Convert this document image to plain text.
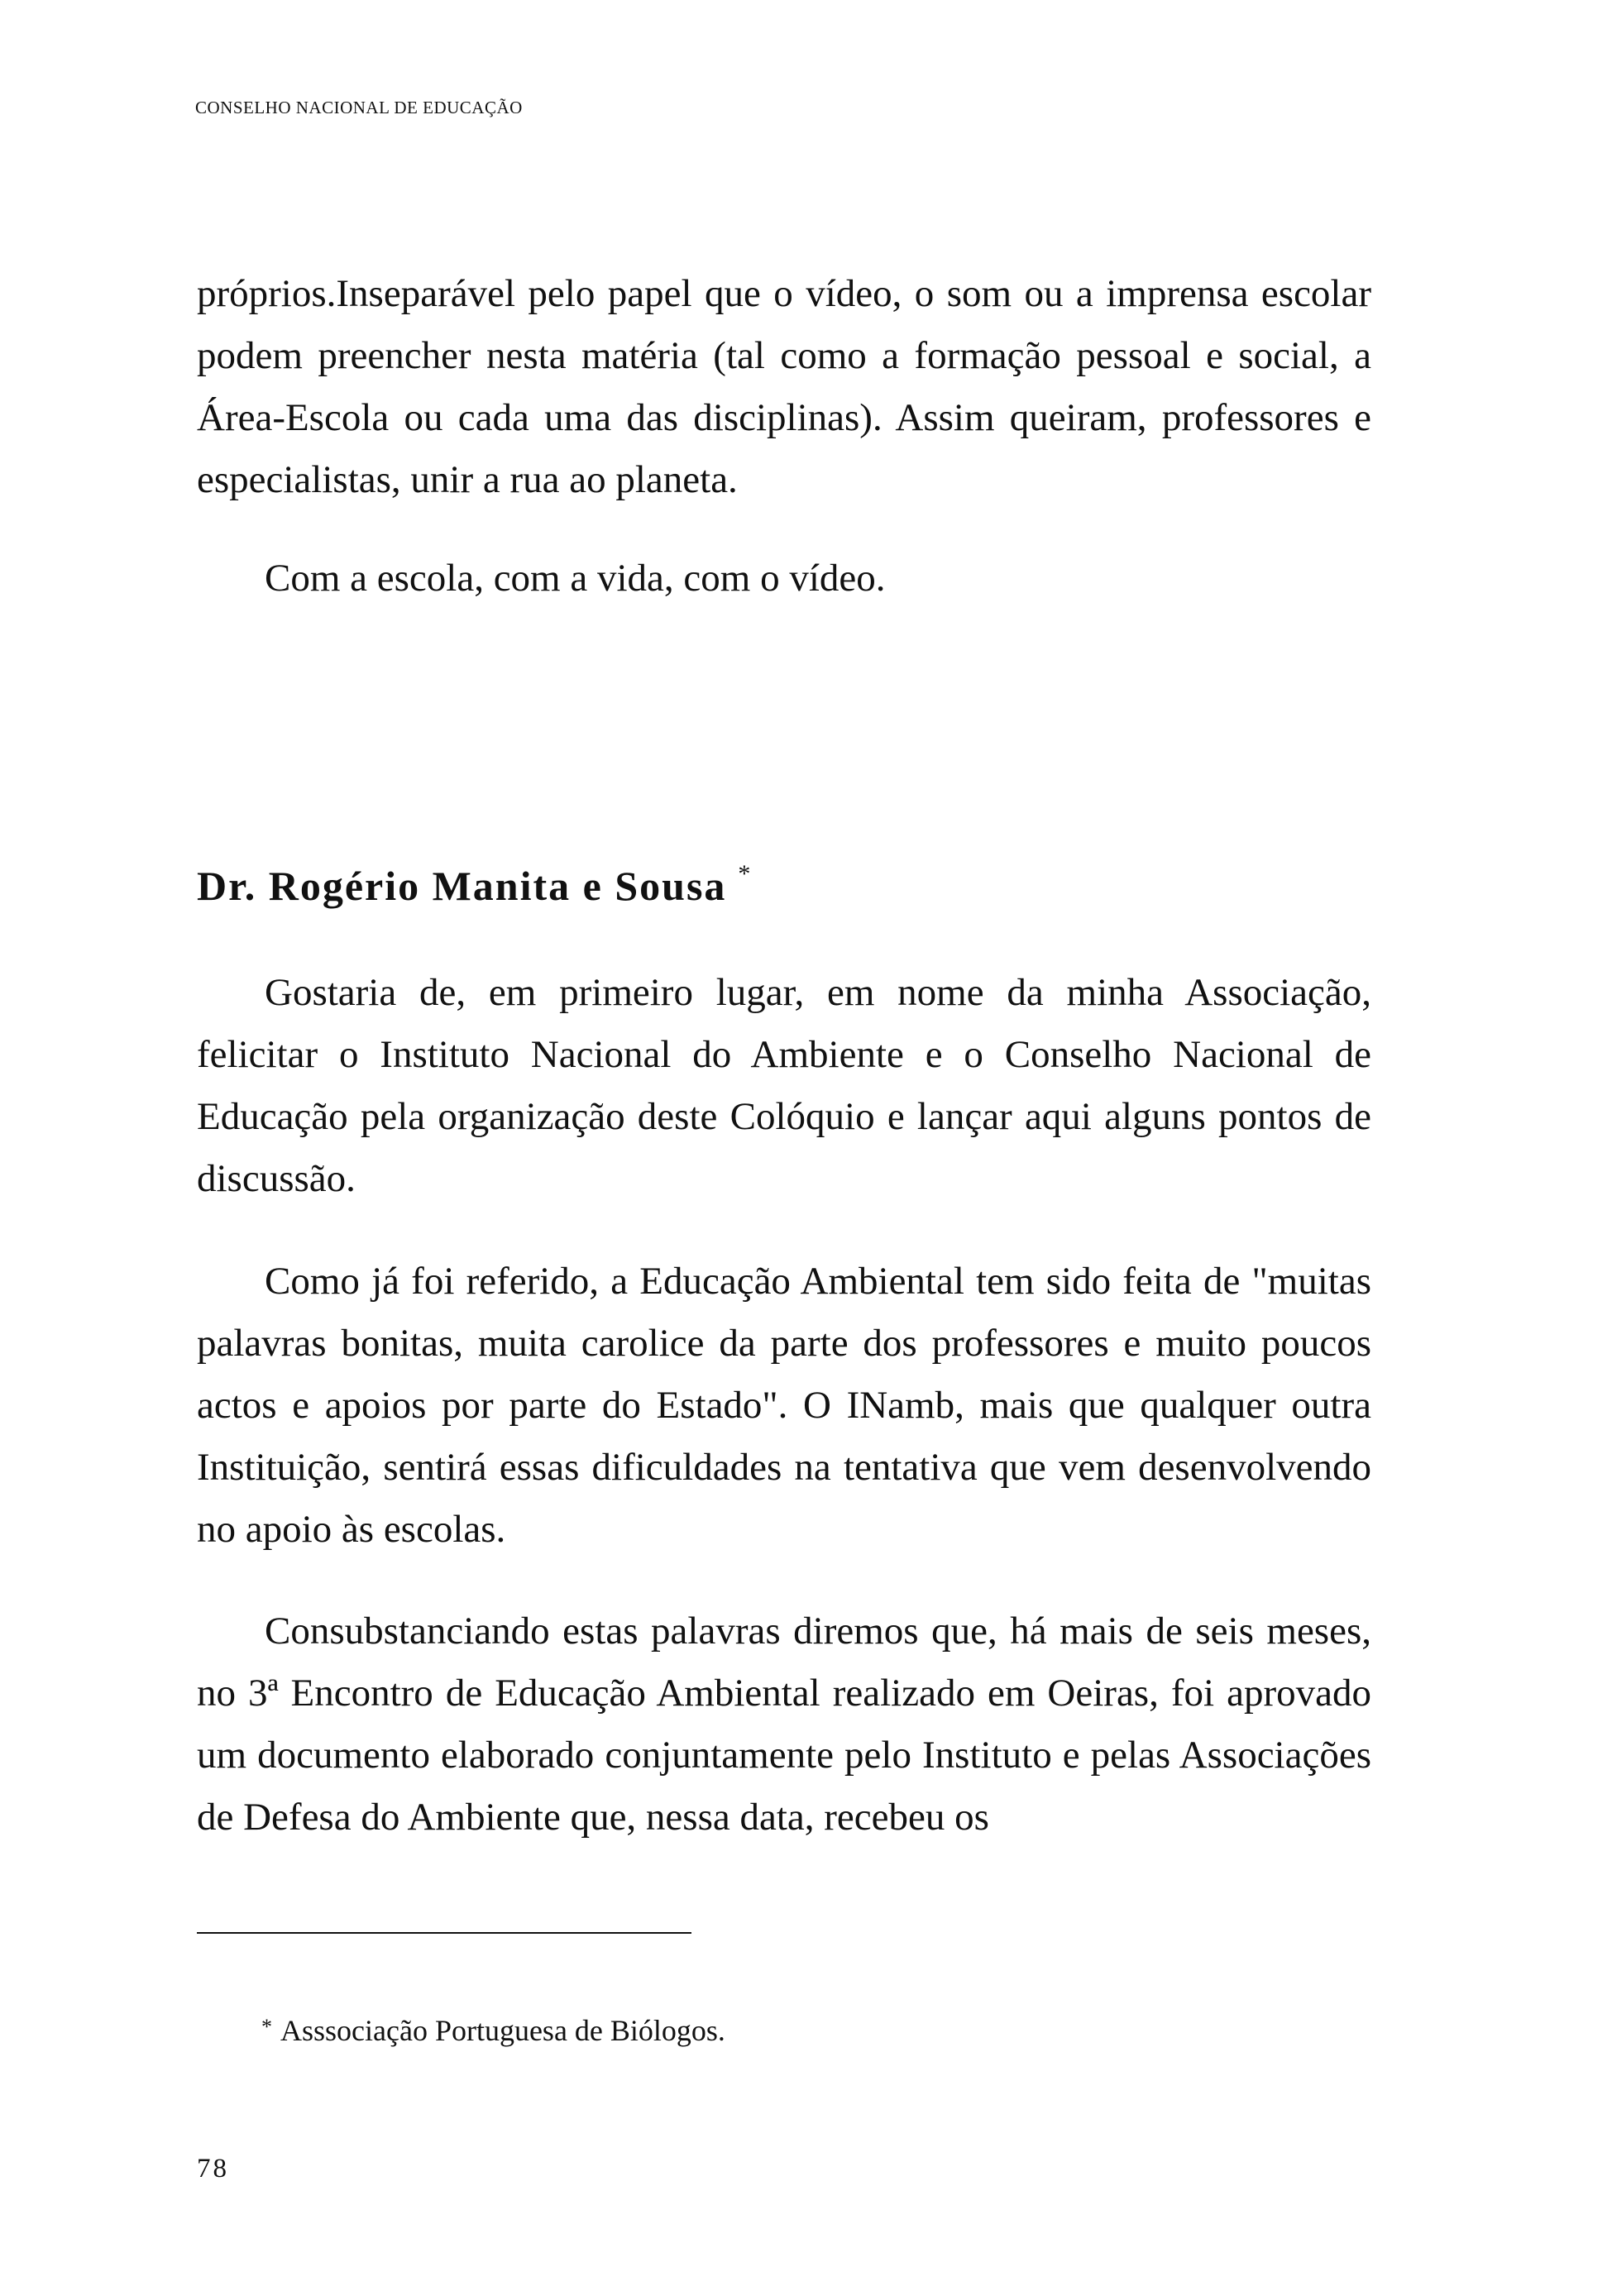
CONSELHO NACIONAL DE EDUCAÇÃO

próprios.Inseparável pelo papel que o vídeo, o som ou a imprensa escolar podem preencher nesta matéria (tal como a formação pessoal e social, a Área-Escola ou cada uma das disciplinas). Assim queiram, professores e especialistas, unir a rua ao planeta.

Com a escola, com a vida, com o vídeo.

Dr. Rogério Manita e Sousa *

Gostaria de, em primeiro lugar, em nome da minha Associação, felicitar o Instituto Nacional do Ambiente e o Conselho Nacional de Educação pela organização deste Colóquio e lançar aqui alguns pontos de discussão.

Como já foi referido, a Educação Ambiental tem sido feita de "muitas palavras bonitas, muita carolice da parte dos professores e muito poucos actos e apoios por parte do Estado". O INamb, mais que qualquer outra Instituição, sentirá essas dificuldades na tentativa que vem desenvolvendo no apoio às escolas.

Consubstanciando estas palavras diremos que, há mais de seis meses, no 3ª Encontro de Educação Ambiental realizado em Oeiras, foi aprovado um documento elaborado conjuntamente pelo Instituto e pelas Associações de Defesa do Ambiente que, nessa data, recebeu os

* Asssociação Portuguesa de Biólogos.

78
